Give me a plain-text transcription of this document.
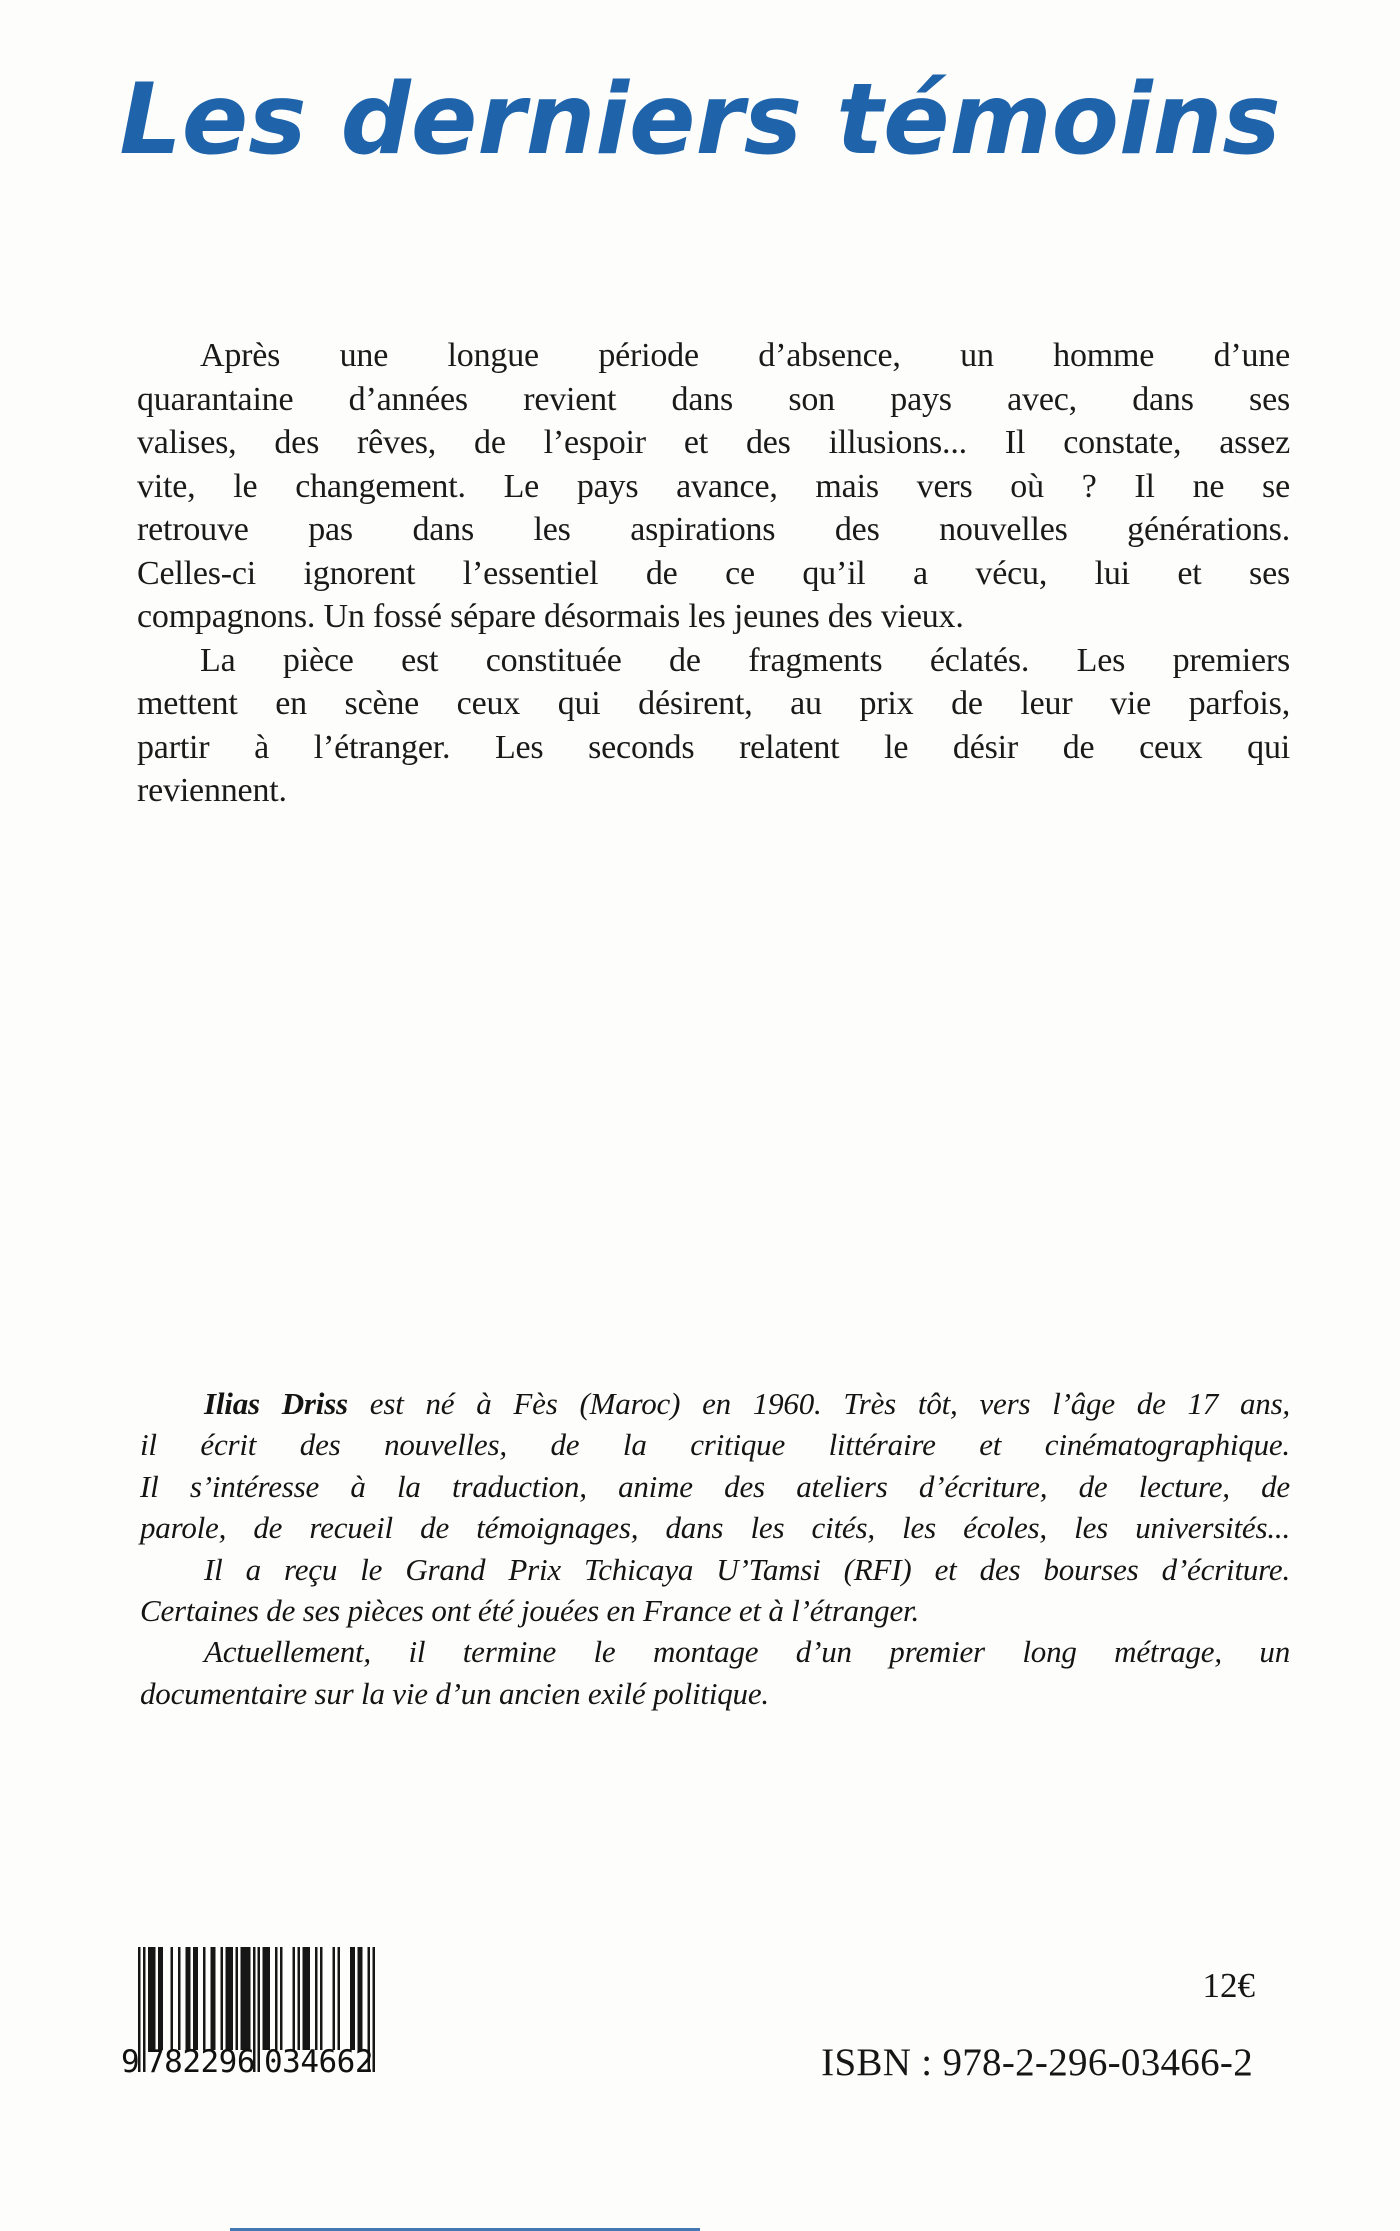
Les derniers témoins
Après une longue période d’absence, un homme d’une
quarantaine d’années revient dans son pays avec, dans ses
valises, des rêves, de l’espoir et des illusions... Il constate, assez
vite, le changement. Le pays avance, mais vers où ? Il ne se
retrouve pas dans les aspirations des nouvelles générations.
Celles-ci ignorent l’essentiel de ce qu’il a vécu, lui et ses
compagnons. Un fossé sépare désormais les jeunes des vieux.
La pièce est constituée de fragments éclatés. Les premiers
mettent en scène ceux qui désirent, au prix de leur vie parfois,
partir à l’étranger. Les seconds relatent le désir de ceux qui
reviennent.
Ilias Driss est né à Fès (Maroc) en 1960. Très tôt, vers l’âge de 17 ans,
il écrit des nouvelles, de la critique littéraire et cinématographique.
Il s’intéresse à la traduction, anime des ateliers d’écriture, de lecture, de
parole, de recueil de témoignages, dans les cités, les écoles, les universités...
Il a reçu le Grand Prix Tchicaya U’Tamsi (RFI) et des bourses d’écriture.
Certaines de ses pièces ont été jouées en France et à l’étranger.
Actuellement, il termine le montage d’un premier long métrage, un
documentaire sur la vie d’un ancien exilé politique.
9 782296 034662
12€
ISBN : 978-2-296-03466-2
